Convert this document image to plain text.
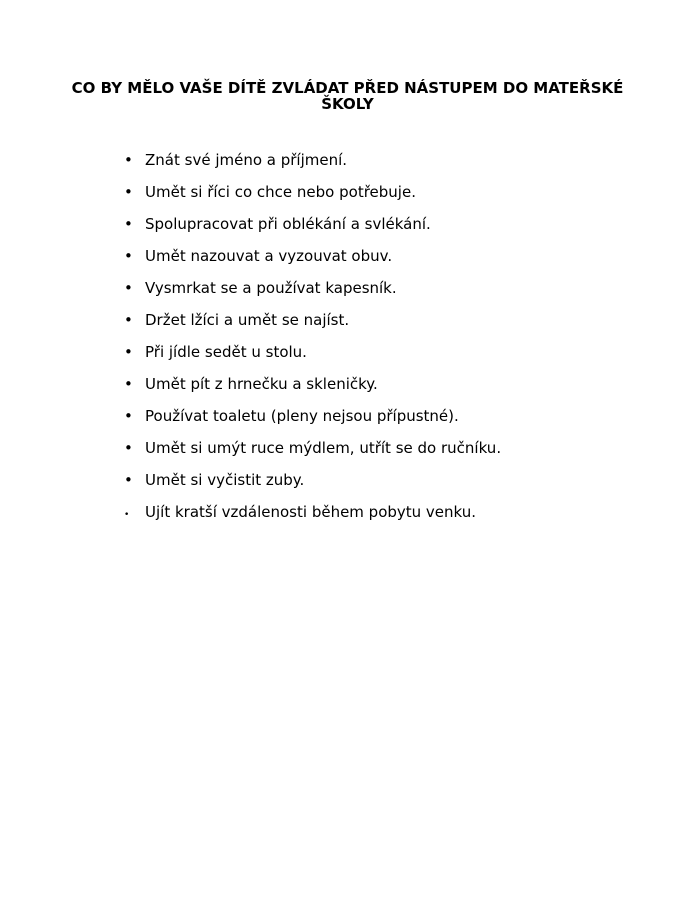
CO BY MĚLO VAŠE DÍTĚ ZVLÁDAT PŘED NÁSTUPEM DO MATEŘSKÉ ŠKOLY
• Znát své jméno a příjmení.
• Umět si říci co chce nebo potřebuje.
• Spolupracovat při oblékání a svlékání.
• Umět nazouvat a vyzouvat obuv.
• Vysmrkat se a používat kapesník.
• Držet lžíci a umět se najíst.
• Při jídle sedět u stolu.
• Umět pít z hrnečku a skleničky.
• Používat toaletu (pleny nejsou přípustné).
• Umět si umýt ruce mýdlem, utřít se do ručníku.
• Umět si vyčistit zuby.
•	Ujít kratší vzdálenosti během pobytu venku.
